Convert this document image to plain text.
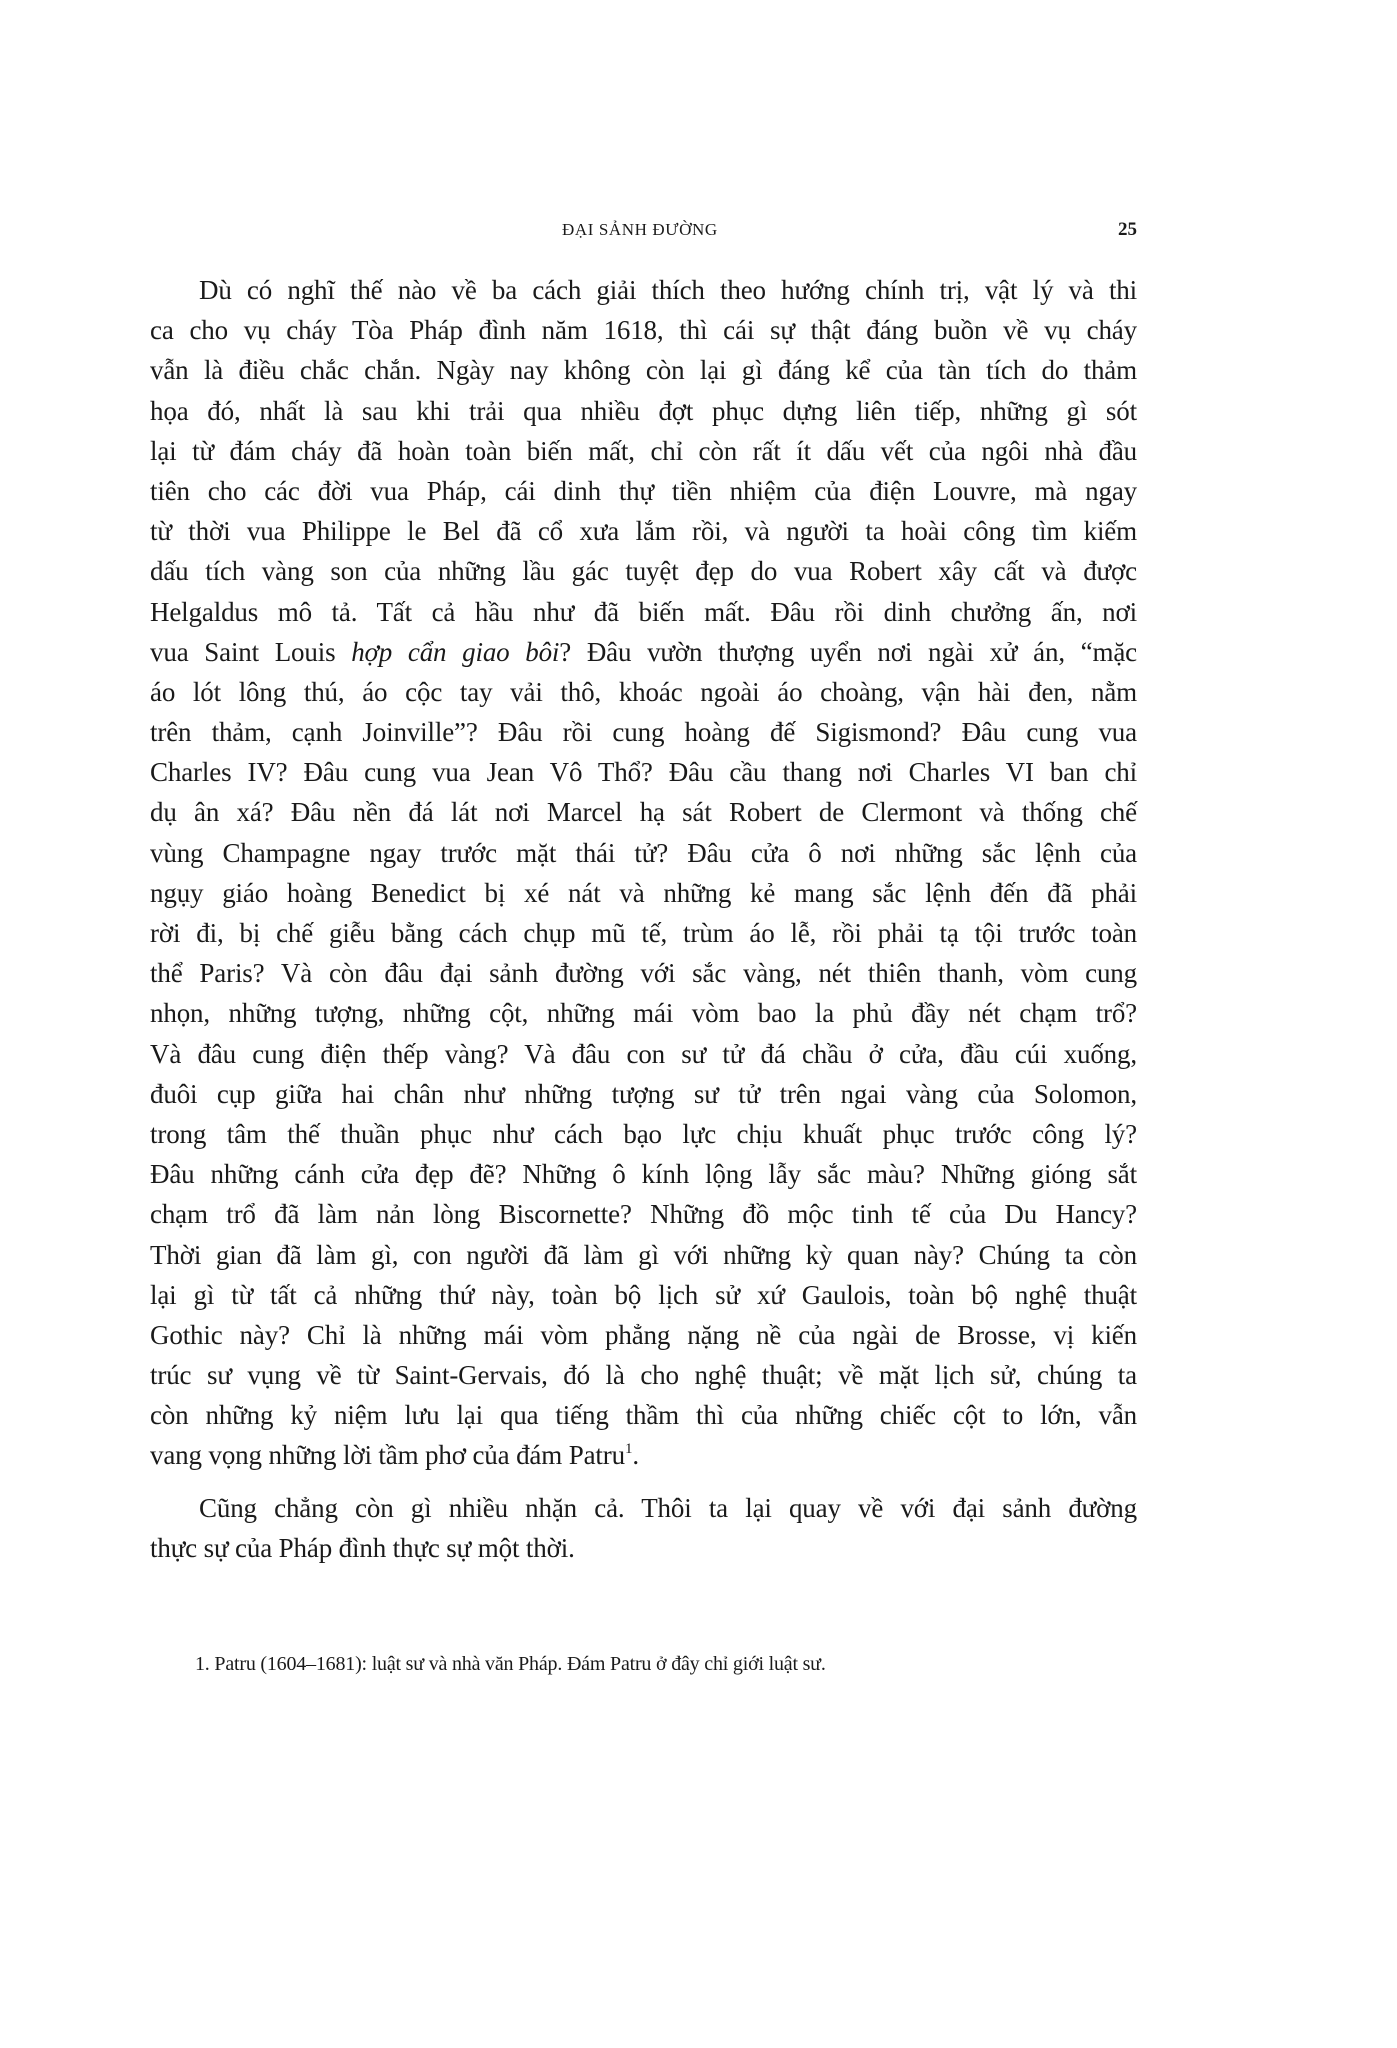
ĐẠI SẢNH ĐƯỜNG	25
Dù có nghĩ thế nào về ba cách giải thích theo hướng chính trị, vật lý và thi
ca cho vụ cháy Tòa Pháp đình năm 1618, thì cái sự thật đáng buồn về vụ cháy
vẫn là điều chắc chắn. Ngày nay không còn lại gì đáng kể của tàn tích do thảm
họa đó, nhất là sau khi trải qua nhiều đợt phục dựng liên tiếp, những gì sót
lại từ đám cháy đã hoàn toàn biến mất, chỉ còn rất ít dấu vết của ngôi nhà đầu
tiên cho các đời vua Pháp, cái dinh thự tiền nhiệm của điện Louvre, mà ngay
từ thời vua Philippe le Bel đã cổ xưa lắm rồi, và người ta hoài công tìm kiếm
dấu tích vàng son của những lầu gác tuyệt đẹp do vua Robert xây cất và được
Helgaldus mô tả. Tất cả hầu như đã biến mất. Đâu rồi dinh chưởng ấn, nơi
vua Saint Louis hợp cẩn giao bôi? Đâu vườn thượng uyển nơi ngài xử án, “mặc
áo lót lông thú, áo cộc tay vải thô, khoác ngoài áo choàng, vận hài đen, nằm
trên thảm, cạnh Joinville”? Đâu rồi cung hoàng đế Sigismond? Đâu cung vua
Charles IV? Đâu cung vua Jean Vô Thổ? Đâu cầu thang nơi Charles VI ban chỉ
dụ ân xá? Đâu nền đá lát nơi Marcel hạ sát Robert de Clermont và thống chế
vùng Champagne ngay trước mặt thái tử? Đâu cửa ô nơi những sắc lệnh của
ngụy giáo hoàng Benedict bị xé nát và những kẻ mang sắc lệnh đến đã phải
rời đi, bị chế giễu bằng cách chụp mũ tế, trùm áo lễ, rồi phải tạ tội trước toàn
thể Paris? Và còn đâu đại sảnh đường với sắc vàng, nét thiên thanh, vòm cung
nhọn, những tượng, những cột, những mái vòm bao la phủ đầy nét chạm trổ?
Và đâu cung điện thếp vàng? Và đâu con sư tử đá chầu ở cửa, đầu cúi xuống,
đuôi cụp giữa hai chân như những tượng sư tử trên ngai vàng của Solomon,
trong tâm thế thuần phục như cách bạo lực chịu khuất phục trước công lý?
Đâu những cánh cửa đẹp đẽ? Những ô kính lộng lẫy sắc màu? Những gióng sắt
chạm trổ đã làm nản lòng Biscornette? Những đồ mộc tinh tế của Du Hancy?
Thời gian đã làm gì, con người đã làm gì với những kỳ quan này? Chúng ta còn
lại gì từ tất cả những thứ này, toàn bộ lịch sử xứ Gaulois, toàn bộ nghệ thuật
Gothic này? Chỉ là những mái vòm phẳng nặng nề của ngài de Brosse, vị kiến
trúc sư vụng về từ Saint-Gervais, đó là cho nghệ thuật; về mặt lịch sử, chúng ta
còn những kỷ niệm lưu lại qua tiếng thầm thì của những chiếc cột to lớn, vẫn
vang vọng những lời tầm phơ của đám Patru$^1$.
Cũng chẳng còn gì nhiều nhặn cả. Thôi ta lại quay về với đại sảnh đường
thực sự của Pháp đình thực sự một thời.
1. Patru (1604–1681): luật sư và nhà văn Pháp. Đám Patru ở đây chỉ giới luật sư.
